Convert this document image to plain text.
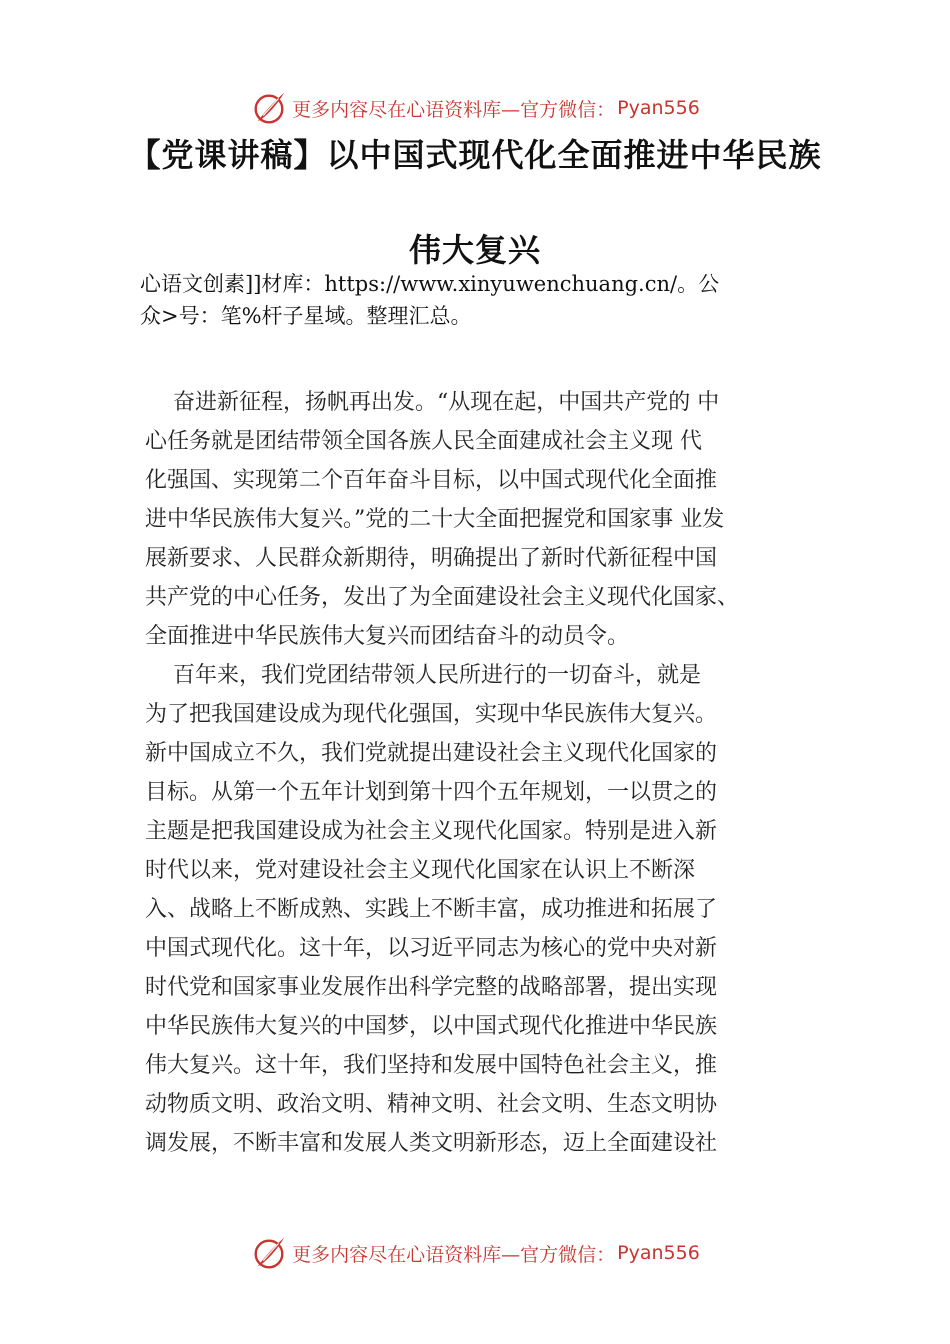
更多内容尽在心语资料库—官方微信： Pyan556
【党课讲稿】以中国式现代化全面推进中华民族
伟大复兴
心语文创素]]材库：https://www.xinyuwenchuang.cn/。公
众>号：笔%杆子星域。整理汇总。
奋进新征程，扬帆再出发。“从现在起，中国共产党的 中
心任务就是团结带领全国各族人民全面建成社会主义现 代
化强国、实现第二个百年奋斗目标，以中国式现代化全面推
进中华民族伟大复兴。”党的二十大全面把握党和国家事 业发
展新要求、人民群众新期待，明确提出了新时代新征程中国
共产党的中心任务，发出了为全面建设社会主义现代化国家、
全面推进中华民族伟大复兴而团结奋斗的动员令。
百年来，我们党团结带领人民所进行的一切奋斗，就是
为了把我国建设成为现代化强国，实现中华民族伟大复兴。
新中国成立不久，我们党就提出建设社会主义现代化国家的
目标。从第一个五年计划到第十四个五年规划，一以贯之的
主题是把我国建设成为社会主义现代化国家。特别是进入新
时代以来，党对建设社会主义现代化国家在认识上不断深
入、战略上不断成熟、实践上不断丰富，成功推进和拓展了
中国式现代化。这十年，以习近平同志为核心的党中央对新
时代党和国家事业发展作出科学完整的战略部署，提出实现
中华民族伟大复兴的中国梦，以中国式现代化推进中华民族
伟大复兴。这十年，我们坚持和发展中国特色社会主义，推
动物质文明、政治文明、精神文明、社会文明、生态文明协
调发展，不断丰富和发展人类文明新形态，迈上全面建设社
更多内容尽在心语资料库—官方微信： Pyan556
